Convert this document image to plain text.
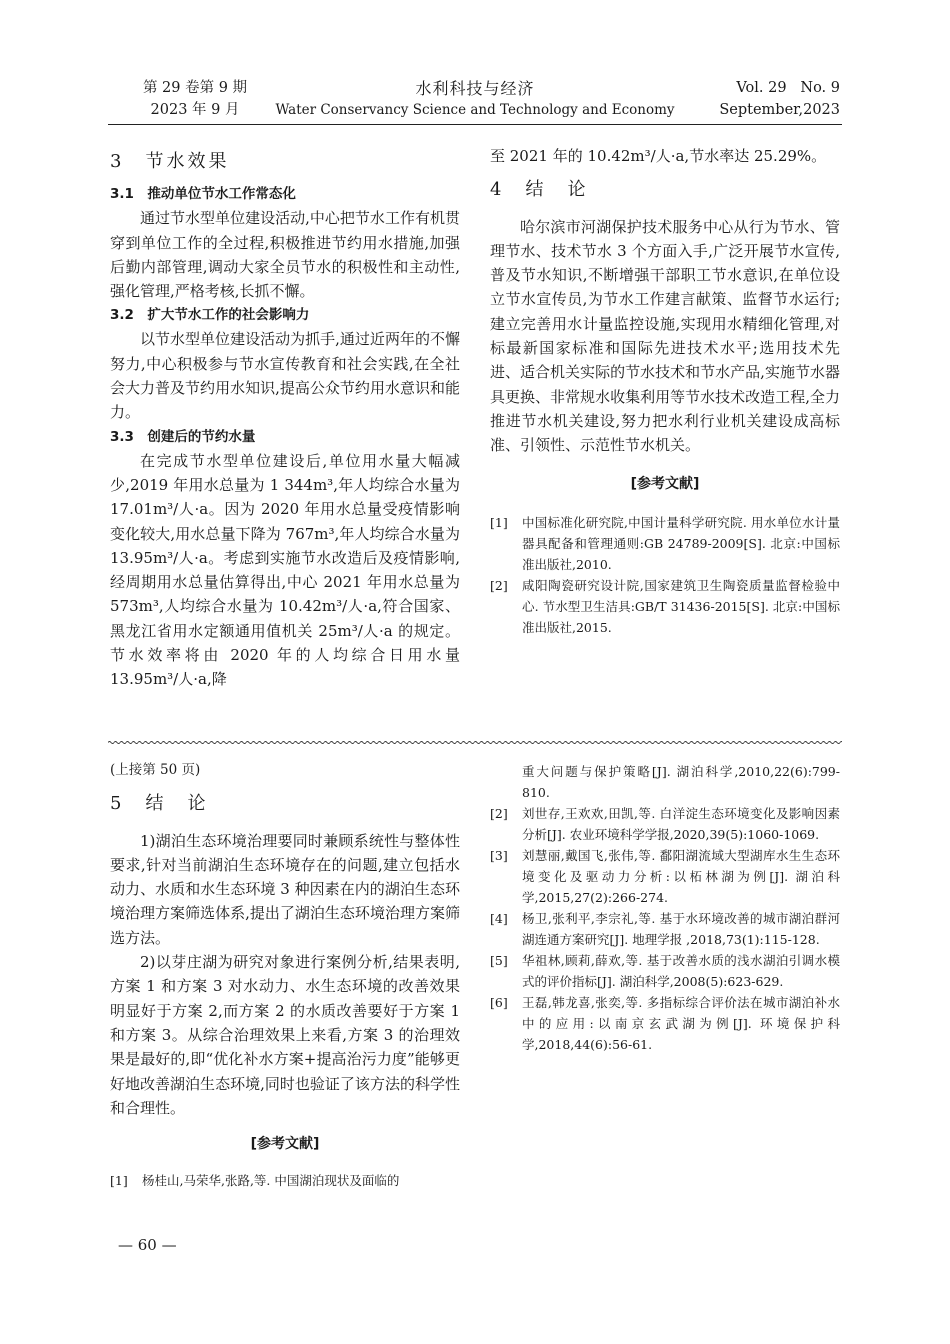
第 29 卷第 9 期
2023 年 9 月
水利科技与经济
Water Conservancy Science and Technology and Economy
Vol. 29   No. 9
September,2023

3　节水效果

3.1　推动单位节水工作常态化

通过节水型单位建设活动,中心把节水工作有机贯穿到单位工作的全过程,积极推进节约用水措施,加强后勤内部管理,调动大家全员节水的积极性和主动性,强化管理,严格考核,长抓不懈。

3.2　扩大节水工作的社会影响力

以节水型单位建设活动为抓手,通过近两年的不懈努力,中心积极参与节水宣传教育和社会实践,在全社会大力普及节约用水知识,提高公众节约用水意识和能力。

3.3　创建后的节约水量

在完成节水型单位建设后,单位用水量大幅减少,2019 年用水总量为 1 344m³,年人均综合水量为 17.01m³/人·a。因为 2020 年用水总量受疫情影响变化较大,用水总量下降为 767m³,年人均综合水量为 13.95m³/人·a。考虑到实施节水改造后及疫情影响,经周期用水总量估算得出,中心 2021 年用水总量为 573m³,人均综合水量为 10.42m³/人·a,符合国家、黑龙江省用水定额通用值机关 25m³/人·a 的规定。节水效率将由 2020 年的人均综合日用水量 13.95m³/人·a,降

至 2021 年的 10.42m³/人·a,节水率达 25.29%。

4　结　论

哈尔滨市河湖保护技术服务中心从行为节水、管理节水、技术节水 3 个方面入手,广泛开展节水宣传,普及节水知识,不断增强干部职工节水意识,在单位设立节水宣传员,为节水工作建言献策、监督节水运行;建立完善用水计量监控设施,实现用水精细化管理,对标最新国家标准和国际先进技术水平;选用技术先进、适合机关实际的节水技术和节水产品,实施节水器具更换、非常规水收集利用等节水技术改造工程,全力推进节水机关建设,努力把水利行业机关建设成高标准、引领性、示范性节水机关。

[参考文献]

[1] 中国标准化研究院,中国计量科学研究院. 用水单位水计量器具配备和管理通则:GB 24789-2009[S]. 北京:中国标准出版社,2010.

[2] 咸阳陶瓷研究设计院,国家建筑卫生陶瓷质量监督检验中心. 节水型卫生洁具:GB/T 31436-2015[S]. 北京:中国标准出版社,2015.

(上接第 50 页)

5　结　论

1)湖泊生态环境治理要同时兼顾系统性与整体性要求,针对当前湖泊生态环境存在的问题,建立包括水动力、水质和水生态环境 3 种因素在内的湖泊生态环境治理方案筛选体系,提出了湖泊生态环境治理方案筛选方法。

2)以芽庄湖为研究对象进行案例分析,结果表明,方案 1 和方案 3 对水动力、水生态环境的改善效果明显好于方案 2,而方案 2 的水质改善要好于方案 1 和方案 3。从综合治理效果上来看,方案 3 的治理效果是最好的,即“优化补水方案+提高治污力度”能够更好地改善湖泊生态环境,同时也验证了该方法的科学性和合理性。

[参考文献]

[1] 杨桂山,马荣华,张路,等. 中国湖泊现状及面临的

重大问题与保护策略[J]. 湖泊科学,2010,22(6):799-810.

[2] 刘世存,王欢欢,田凯,等. 白洋淀生态环境变化及影响因素分析[J]. 农业环境科学学报,2020,39(5):1060-1069.

[3] 刘慧丽,戴国飞,张伟,等. 鄱阳湖流域大型湖库水生生态环境变化及驱动力分析:以柘林湖为例[J]. 湖泊科学,2015,27(2):266-274.

[4] 杨卫,张利平,李宗礼,等. 基于水环境改善的城市湖泊群河湖连通方案研究[J]. 地理学报 ,2018,73(1):115-128.

[5] 华祖林,顾莉,薛欢,等. 基于改善水质的浅水湖泊引调水模式的评价指标[J]. 湖泊科学,2008(5):623-629.

[6] 王磊,韩龙喜,张奕,等. 多指标综合评价法在城市湖泊补水中的应用:以南京玄武湖为例[J]. 环境保护科学,2018,44(6):56-61.

— 60 —
